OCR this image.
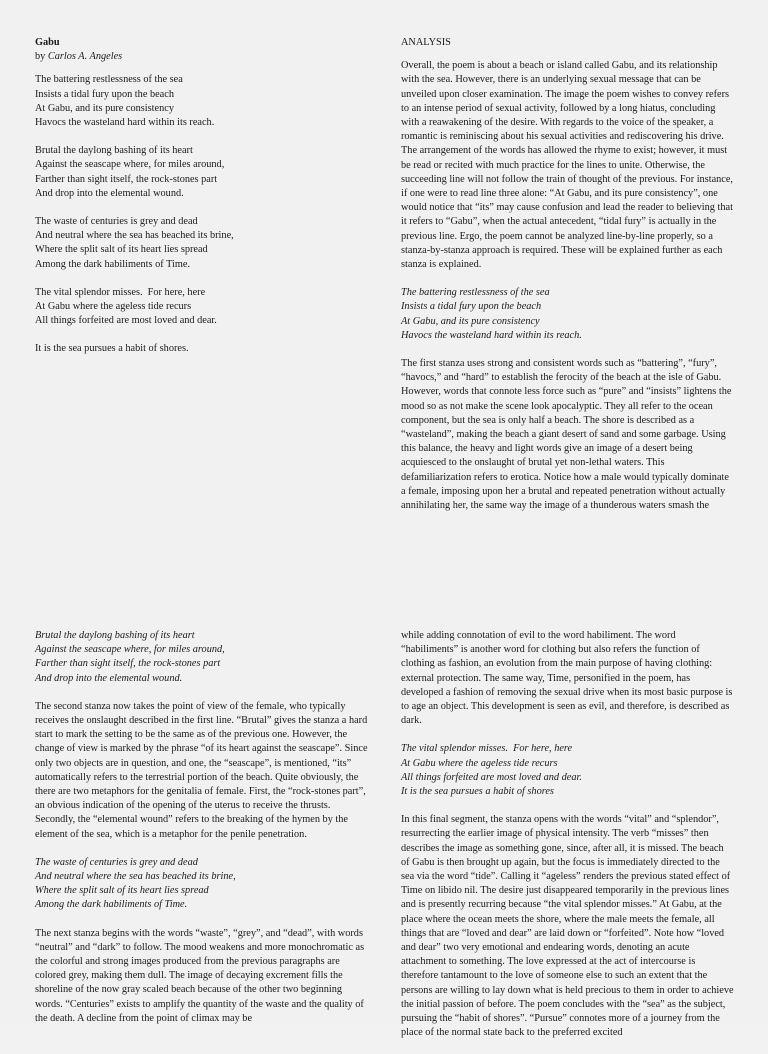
Gabu
by Carlos A. Angeles

The battering restlessness of the sea

Insists a tidal fury upon the beach

At Gabu, and its pure consistency

Havocs the wasteland hard within its reach.

Brutal the daylong bashing of its heart

Against the seascape where, for miles around,

Farther than sight itself, the rock-stones part

And drop into the elemental wound.

The waste of centuries is grey and dead

And neutral where the sea has beached its brine,

Where the split salt of its heart lies spread

Among the dark habiliments of Time.

The vital splendor misses.  For here, here

At Gabu where the ageless tide recurs

All things forfeited are most loved and dear.

It is the sea pursues a habit of shores.

ANALYSIS

Overall, the poem is about a beach or island called Gabu, and its relationship with the sea. However, there is an underlying sexual message that can be unveiled upon closer examination. The image the poem wishes to convey refers to an intense period of sexual activity, followed by a long hiatus, concluding with a reawakening of the desire. With regards to the voice of the speaker, a romantic is reminiscing about his sexual activities and rediscovering his drive. The arrangement of the words has allowed the rhyme to exist; however, it must be read or recited with much practice for the lines to unite. Otherwise, the succeeding line will not follow the train of thought of the previous. For instance, if one were to read line three alone: “At Gabu, and its pure consistency”, one would notice that “its” may cause confusion and lead the reader to believing that it refers to “Gabu”, when the actual antecedent, “tidal fury” is actually in the previous line. Ergo, the poem cannot be analyzed line-by-line properly, so a stanza-by-stanza approach is required. These will be explained further as each stanza is explained.

The battering restlessness of the sea

Insists a tidal fury upon the beach

At Gabu, and its pure consistency

Havocs the wasteland hard within its reach.

The first stanza uses strong and consistent words such as “battering”, “fury”, “havocs,” and “hard” to establish the ferocity of the beach at the isle of Gabu. However, words that connote less force such as “pure” and “insists” lightens the mood so as not make the scene look apocalyptic. They all refer to the ocean component, but the sea is only half a beach. The shore is described as a “wasteland”, making the beach a giant desert of sand and some garbage. Using this balance, the heavy and light words give an image of a desert being acquiesced to the onslaught of brutal yet non-lethal waters. This defamiliarization refers to erotica. Notice how a male would typically dominate a female, imposing upon her a brutal and repeated penetration without actually annihilating her, the same way the image of a thunderous waters smash the

Brutal the daylong bashing of its heart

Against the seascape where, for miles around,

Farther than sight itself, the rock-stones part

And drop into the elemental wound.

The second stanza now takes the point of view of the female, who typically receives the onslaught described in the first line. “Brutal” gives the stanza a hard start to mark the setting to be the same as of the previous one. However, the change of view is marked by the phrase “of its heart against the seascape”. Since only two objects are in question, and one, the “seascape”, is mentioned, “its” automatically refers to the terrestrial portion of the beach. Quite obviously, the there are two metaphors for the genitalia of female. First, the “rock-stones part”, an obvious indication of the opening of the uterus to receive the thrusts. Secondly, the “elemental wound” refers to the breaking of the hymen by the element of the sea, which is a metaphor for the penile penetration.

The waste of centuries is grey and dead

And neutral where the sea has beached its brine,

Where the split salt of its heart lies spread

Among the dark habiliments of Time.

The next stanza begins with the words “waste”, “grey”, and “dead”, with words “neutral” and “dark” to follow. The mood weakens and more monochromatic as the colorful and strong images produced from the previous paragraphs are colored grey, making them dull. The image of decaying excrement fills the shoreline of the now gray scaled beach because of the other two beginning words. “Centuries” exists to amplify the quantity of the waste and the quality of the death. A decline from the point of climax may be

while adding connotation of evil to the word habiliment. The word “habiliments” is another word for clothing but also refers the function of clothing as fashion, an evolution from the main purpose of having clothing: external protection. The same way, Time, personified in the poem, has developed a fashion of removing the sexual drive when its most basic purpose is to age an object. This development is seen as evil, and therefore, is described as dark.

The vital splendor misses.  For here, here

At Gabu where the ageless tide recurs

All things forfeited are most loved and dear.

It is the sea pursues a habit of shores

In this final segment, the stanza opens with the words “vital” and “splendor”, resurrecting the earlier image of physical intensity. The verb “misses” then describes the image as something gone, since, after all, it is missed. The beach of Gabu is then brought up again, but the focus is immediately directed to the sea via the word “tide”. Calling it “ageless” renders the previous stated effect of Time on libido nil. The desire just disappeared temporarily in the previous lines and is presently recurring because “the vital splendor misses.” At Gabu, at the place where the ocean meets the shore, where the male meets the female, all things that are “loved and dear” are laid down or “forfeited”. Note how “loved and dear” two very emotional and endearing words, denoting an acute attachment to something. The love expressed at the act of intercourse is therefore tantamount to the love of someone else to such an extent that the persons are willing to lay down what is held precious to them in order to achieve the initial passion of before. The poem concludes with the “sea” as the subject, pursuing the “habit of shores”. “Pursue” connotes more of a journey from the place of the normal state back to the preferred excited
